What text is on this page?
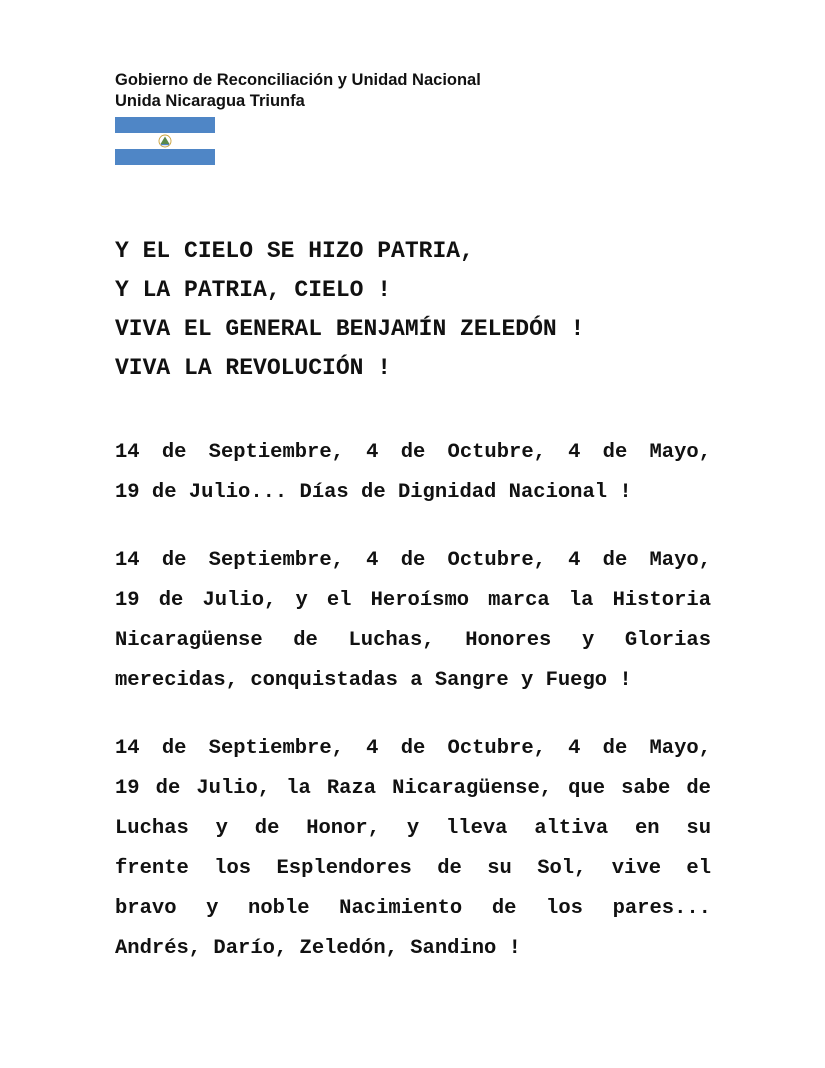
Gobierno de Reconciliación y Unidad Nacional
Unida Nicaragua Triunfa
Y EL CIELO SE HIZO PATRIA,
Y LA PATRIA, CIELO !
VIVA EL GENERAL BENJAMÍN ZELEDÓN !
VIVA LA REVOLUCIÓN !
14 de Septiembre, 4 de Octubre, 4 de Mayo,
19 de Julio... Días de Dignidad Nacional !
14 de Septiembre, 4 de Octubre, 4 de Mayo,
19 de Julio, y el Heroísmo marca la Historia
Nicaragüense de Luchas, Honores y Glorias
merecidas, conquistadas a Sangre y Fuego !
14 de Septiembre, 4 de Octubre, 4 de Mayo,
19 de Julio, la Raza Nicaragüense, que sabe de
Luchas y de Honor, y lleva altiva en su
frente los Esplendores de su Sol, vive el
bravo y noble Nacimiento de los pares...
Andrés, Darío, Zeledón, Sandino !
